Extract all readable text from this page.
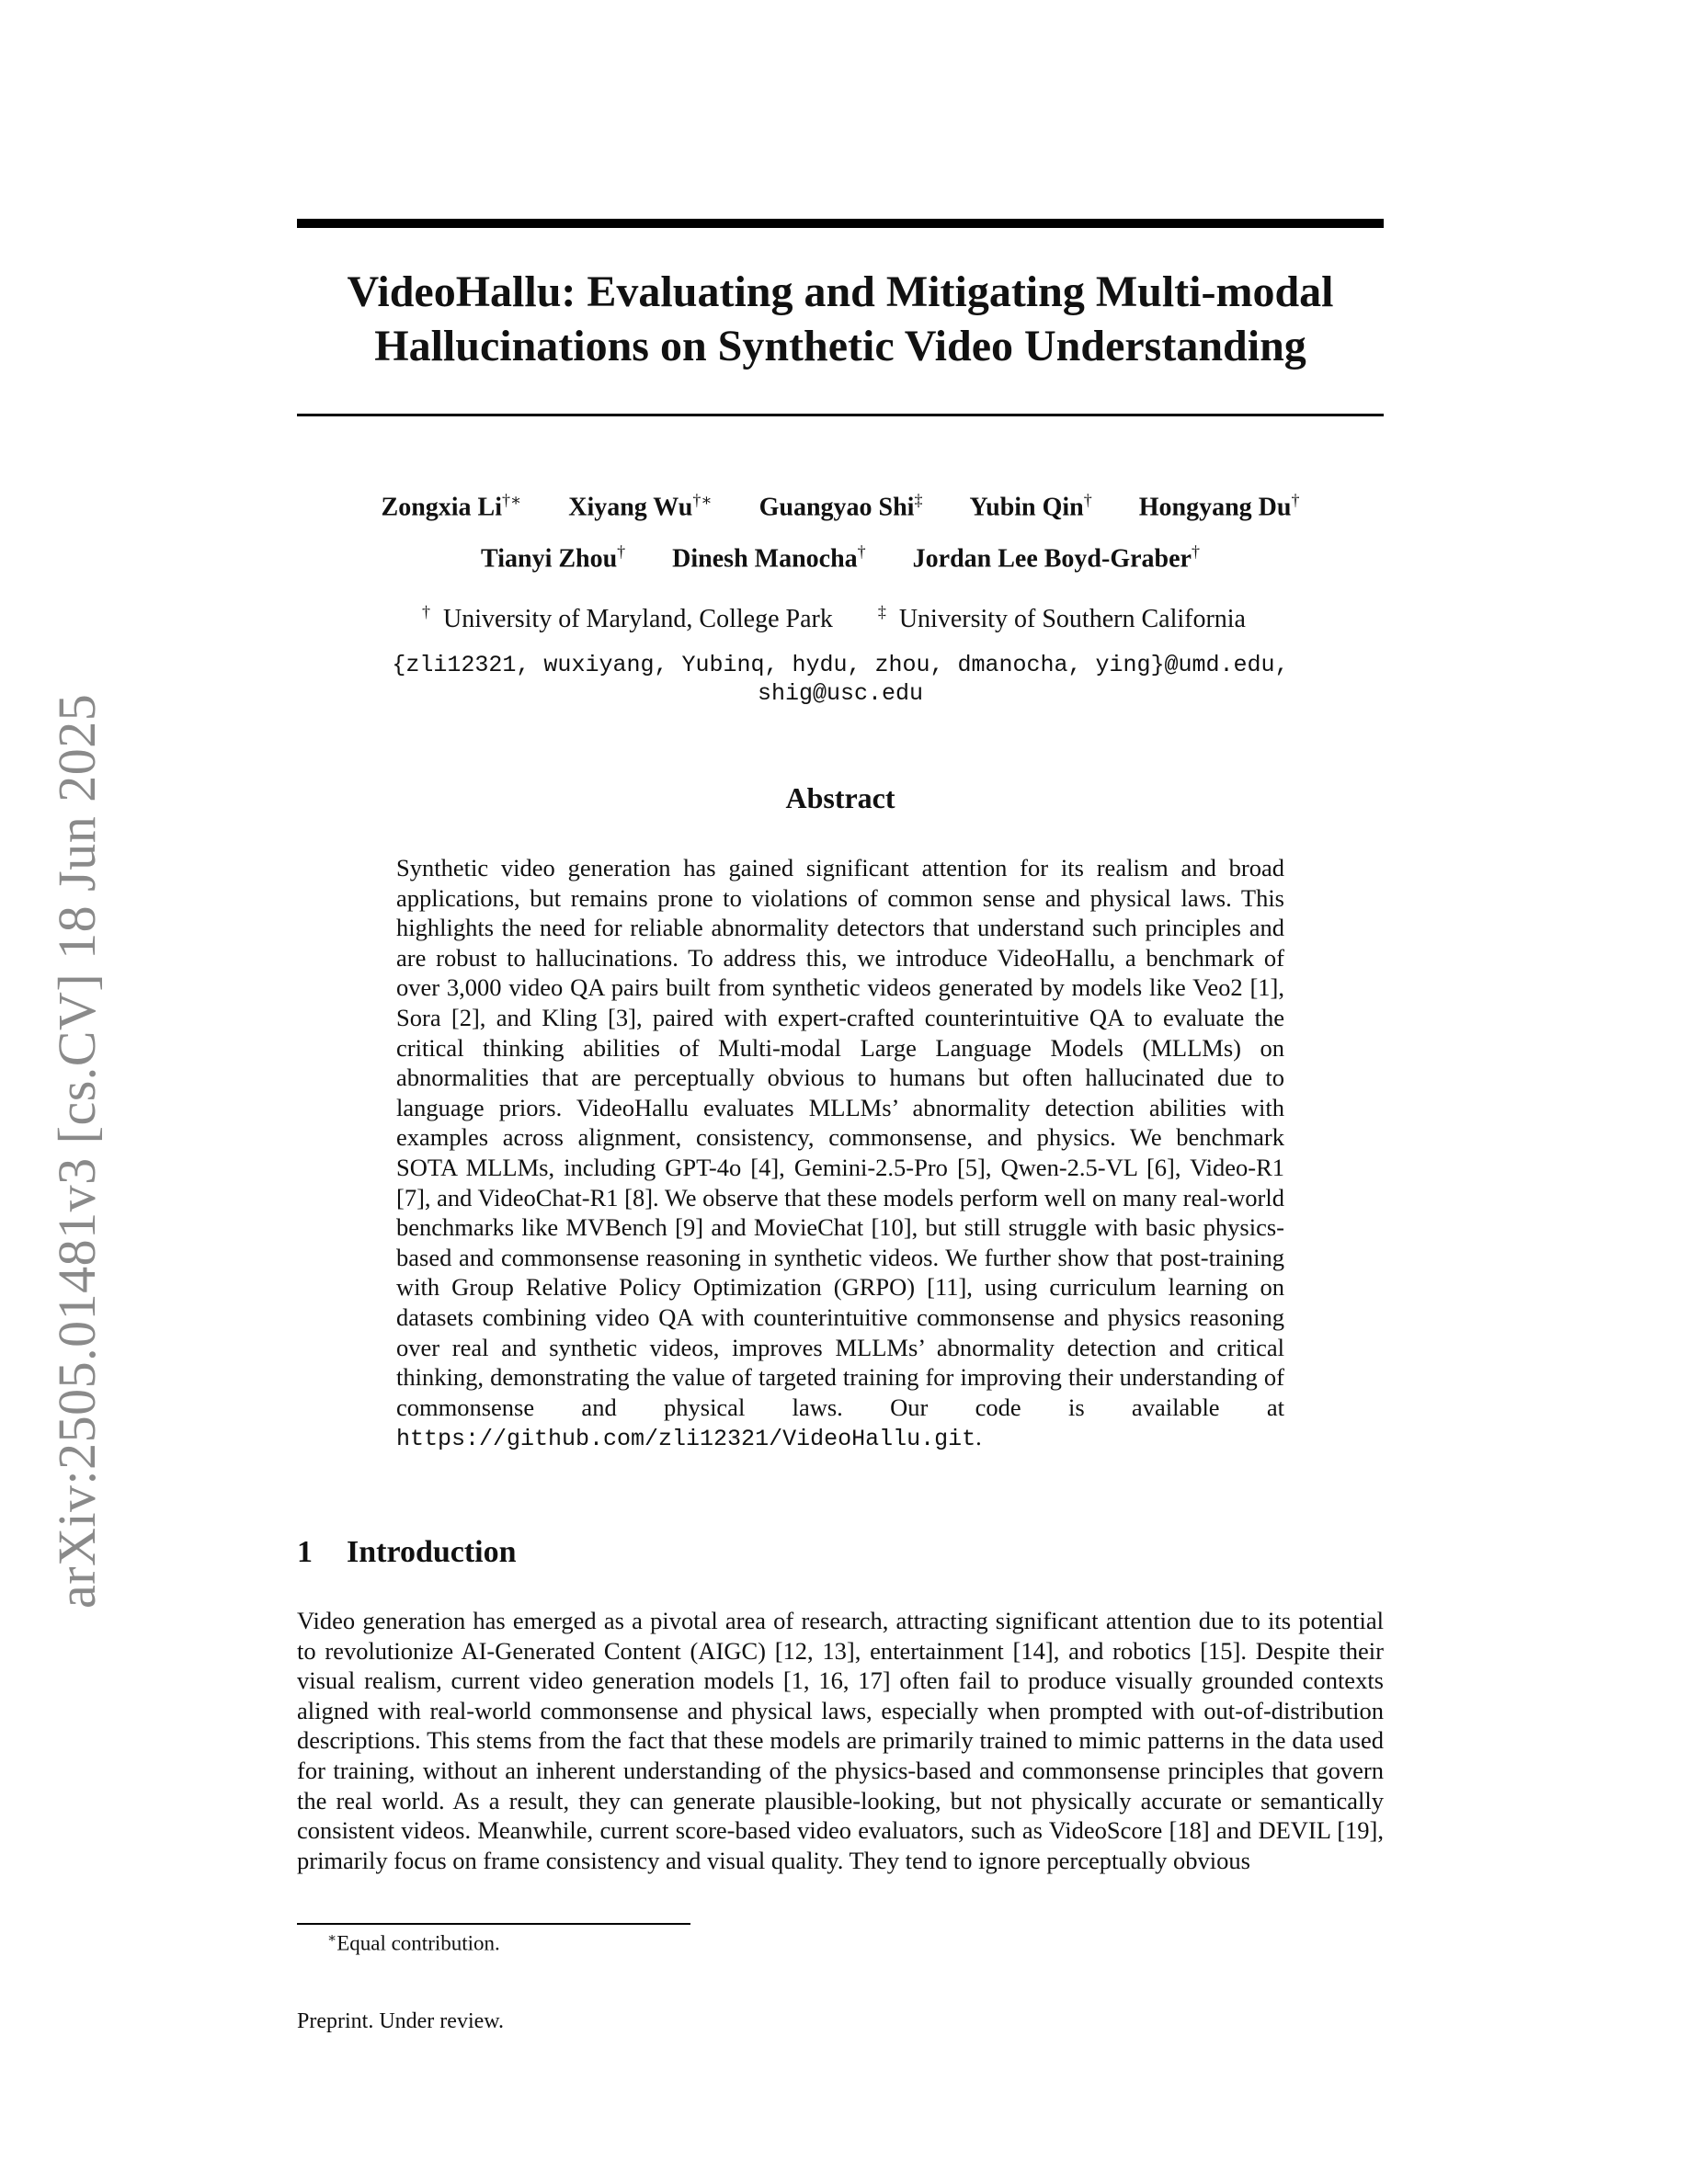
arXiv:2505.01481v3 [cs.CV] 18 Jun 2025
VideoHallu: Evaluating and Mitigating Multi-modal Hallucinations on Synthetic Video Understanding
Zongxia Li†∗ Xiyang Wu†∗ Guangyao Shi‡ Yubin Qin† Hongyang Du†
Tianyi Zhou† Dinesh Manocha† Jordan Lee Boyd-Graber†
† University of Maryland, College Park	‡ University of Southern California
{zli12321, wuxiyang, Yubinq, hydu, zhou, dmanocha, ying}@umd.edu,
shig@usc.edu
Abstract

Synthetic video generation has gained significant attention for its realism and broad applications, but remains prone to violations of common sense and physical laws. This highlights the need for reliable abnormality detectors that understand such principles and are robust to hallucinations. To address this, we introduce VideoHallu, a benchmark of over 3,000 video QA pairs built from synthetic videos generated by models like Veo2 [1], Sora [2], and Kling [3], paired with expert-crafted counterintuitive QA to evaluate the critical thinking abilities of Multi-modal Large Language Models (MLLMs) on abnormalities that are perceptually obvious to humans but often hallucinated due to language priors. VideoHallu evaluates MLLMs’ abnormality detection abilities with examples across alignment, consistency, commonsense, and physics. We benchmark SOTA MLLMs, including GPT-4o [4], Gemini-2.5-Pro [5], Qwen-2.5-VL [6], Video-R1 [7], and VideoChat-R1 [8]. We observe that these models perform well on many real-world benchmarks like MVBench [9] and MovieChat [10], but still struggle with basic physics-based and commonsense reasoning in synthetic videos. We further show that post-training with Group Relative Policy Optimization (GRPO) [11], using curriculum learning on datasets combining video QA with counterintuitive commonsense and physics reasoning over real and synthetic videos, improves MLLMs’ abnormality detection and critical thinking, demonstrating the value of targeted training for improving their understanding of commonsense and physical laws. Our code is available at https://github.com/zli12321/VideoHallu.git.

1 Introduction

Video generation has emerged as a pivotal area of research, attracting significant attention due to its potential to revolutionize AI-Generated Content (AIGC) [12, 13], entertainment [14], and robotics [15]. Despite their visual realism, current video generation models [1, 16, 17] often fail to produce visually grounded contexts aligned with real-world commonsense and physical laws, especially when prompted with out-of-distribution descriptions. This stems from the fact that these models are primarily trained to mimic patterns in the data used for training, without an inherent understanding of the physics-based and commonsense principles that govern the real world. As a result, they can generate plausible-looking, but not physically accurate or semantically consistent videos. Meanwhile, current score-based video evaluators, such as VideoScore [18] and DEVIL [19], primarily focus on frame consistency and visual quality. They tend to ignore perceptually obvious

∗Equal contribution.

Preprint. Under review.
